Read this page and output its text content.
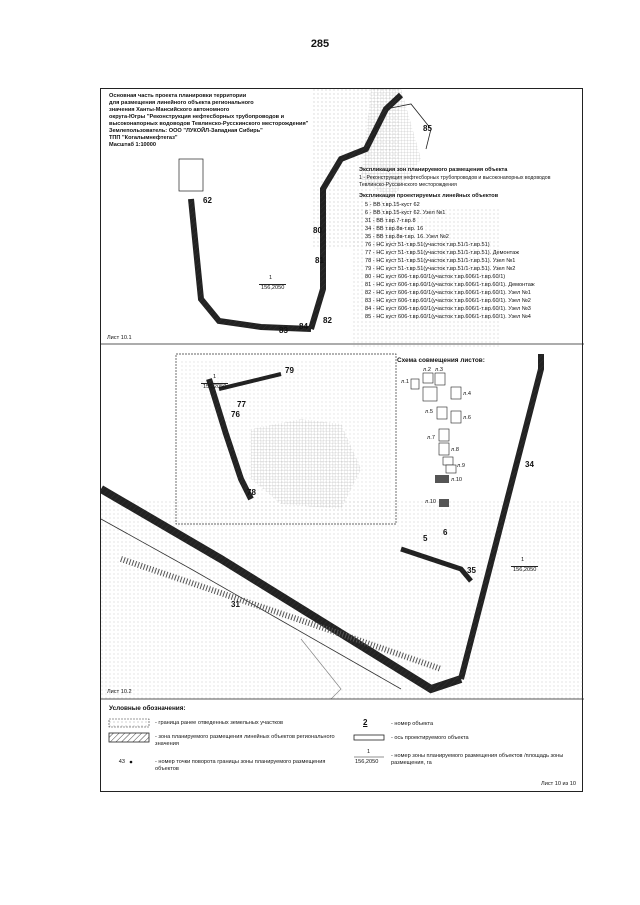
285
Основная часть проекта планировки территории
для размещения линейного объекта регионального
значения Ханты-Мансийского автономного
округа-Югры "Реконструкция нефтесборных трубопроводов и
высоконапорных водоводов Тевлинско-Русскинского месторождения"
Землепользователь: ООО "ЛУКОЙЛ-Западная Сибирь"
ТПП "Когалымнефтегаз"
Масштаб 1:10000
Экспликация зон планируемого размещения объекта
1 - Реконструкция нефтесборных трубопроводов и высоконапорных водоводов Тевлинско-Русскинского месторождения
Экспликация проектируемых линейных объектов
5 - ВВ т.вр.15-куст 62
6 - ВВ т.вр.15-куст 62. Узел №1
31 - ВВ т.вр.7-т.вр.8
34 - ВВ т.вр.8в-т.вр. 16
35 - ВВ т.вр.8в-т.вр. 16. Узел №2
76 - НС куст 51-т.вр.51(участок т.вр.51/1-т.вр.51)
77 - НС куст 51-т.вр.51(участок т.вр.51/1-т.вр.51). Демонтаж
78 - НС куст 51-т.вр.51(участок т.вр.51/1-т.вр.51). Узел №1
79 - НС куст 51-т.вр.51(участок т.вр.51/1-т.вр.51). Узел №2
80 - НС куст 606-т.вр.60/1(участок т.вр.606/1-т.вр.60/1)
81 - НС куст 606-т.вр.60/1(участок т.вр.606/1-т.вр.60/1). Демонтаж
82 - НС куст 606-т.вр.60/1(участок т.вр.606/1-т.вр.60/1). Узел №1
83 - НС куст 606-т.вр.60/1(участок т.вр.606/1-т.вр.60/1). Узел №2
84 - НС куст 606-т.вр.60/1(участок т.вр.606/1-т.вр.60/1). Узел №3
85 - НС куст 606-т.вр.60/1(участок т.вр.606/1-т.вр.60/1). Узел №4
Лист 10.1
Лист 10.2
62
80
81
82
83 84
85
76
77
78
79
31
34
35
5
6
1
156,2050
1
156,2050
1
156,2050
Схема совмещения листов:
л.1
л.2 л.3
л.4
л.5
л.6
л.7
л.8
л.9
л.10
л.10
Условные обозначения:
- граница ранее отведенных земельных участков
- зона планируемого размещения линейных объектов регионального значения
43	- номер точки поворота границы зоны планируемого размещения объектов
2	- номер объекта
- ось проектируемого объекта
1
156,2050
- номер зоны планируемого размещения объектов /площадь зоны размещения, га
Лист 10 из 10
